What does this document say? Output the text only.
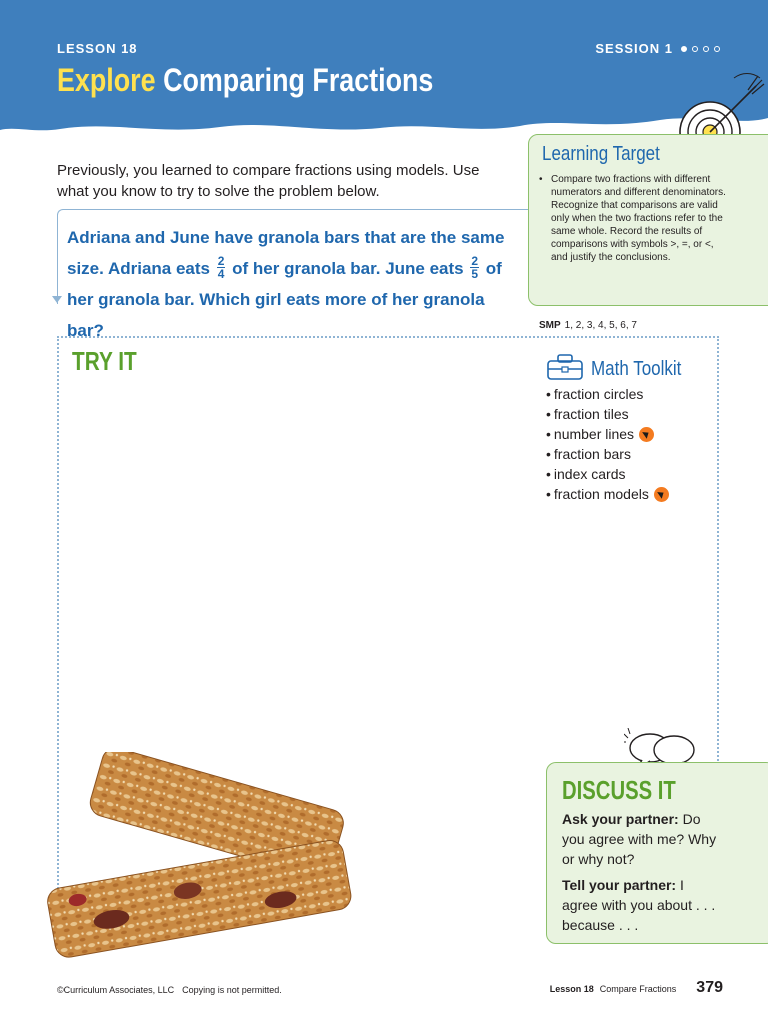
LESSON 18	SESSION 1
Explore Comparing Fractions
Previously, you learned to compare fractions using models. Use what you know to try to solve the problem below.
Adriana and June have granola bars that are the same size. Adriana eats $\frac{2}{4}$ of her granola bar. June eats $\frac{2}{5}$ of her granola bar. Which girl eats more of her granola bar?
Learning Target
• Compare two fractions with different numerators and different denominators. Recognize that comparisons are valid only when the two fractions refer to the same whole. Record the results of comparisons with symbols >, =, or <, and justify the conclusions.
SMP 1, 2, 3, 4, 5, 6, 7
TRY IT	Math Toolkit
• fraction circles
• fraction tiles
• number lines
• fraction bars
• index cards
• fraction models
DISCUSS IT

Ask your partner: Do you agree with me? Why or why not?

Tell your partner: I agree with you about . . . because . . .

©Curriculum Associates, LLC Copying is not permitted.	Lesson 18 Compare Fractions 379
